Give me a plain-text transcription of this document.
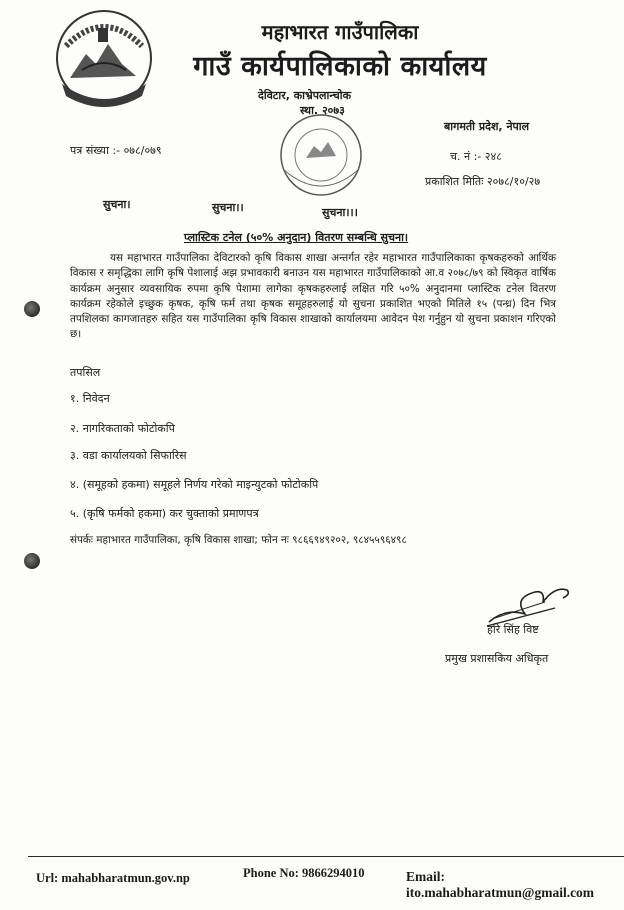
महाभारत गाउँपालिका
गाउँ कार्यपालिकाको कार्यालय
देविटार, काभ्रेपलान्चोक
स्था. २०७३
बागमती प्रदेश, नेपाल
पत्र संख्या :- ०७८/०७९	च. नं :- २४८
प्रकाशित मितिः २०७८/१०/२७
सुचना।	सुचना।।	सुचना।।।
प्लास्टिक टनेल (५०% अनुदान) वितरण सम्बन्धि सुचना।
यस महाभारत गाउँपालिका देविटारको कृषि विकास शाखा अन्तर्गत रहेर महाभारत गाउँपालिकाका कृषकहरुको आर्थिक विकास र समृद्धिका लागि कृषि पेशालाई अझ प्रभावकारी बनाउन यस महाभारत गाउँपालिकाको आ.व २०७८/७९ को स्विकृत वार्षिक कार्यक्रम अनुसार व्यवसायिक रुपमा कृषि पेशामा लागेका कृषकहरुलाई लक्षित गरि ५०% अनुदानमा प्लास्टिक टनेल वितरण कार्यक्रम रहेकोले इच्छुक कृषक, कृषि फर्म तथा कृषक समूहहरुलाई यो सुचना प्रकाशित भएको मितिले १५ (पन्ध्र) दिन भित्र तपशिलका कागजातहरु सहित यस गाउँपालिका कृषि विकास शाखाको कार्यालयमा आवेदन पेश गर्नुहुन यो सुचना प्रकाशन गरिएको छ।
तपसिल
१. निवेदन
२. नागरिकताको फोटोकपि
३. वडा कार्यालयको सिफारिस
४. (समूहको हकमा) समूहले निर्णय गरेको माइन्युटको फोटोकपि
५. (कृषि फर्मको हकमा) कर चुक्ताको प्रमाणपत्र
संपर्कः महाभारत गाउँपालिका, कृषि विकास शाखा; फोन नः ९८६६९४९२०२, ९८४५५९६४९८
हरि सिंह विष्ट
प्रमुख प्रशासकिय अधिकृत
Url: mahabharatmun.gov.np	Phone No: 9866294010	Email: ito.mahabharatmun@gmail.com
